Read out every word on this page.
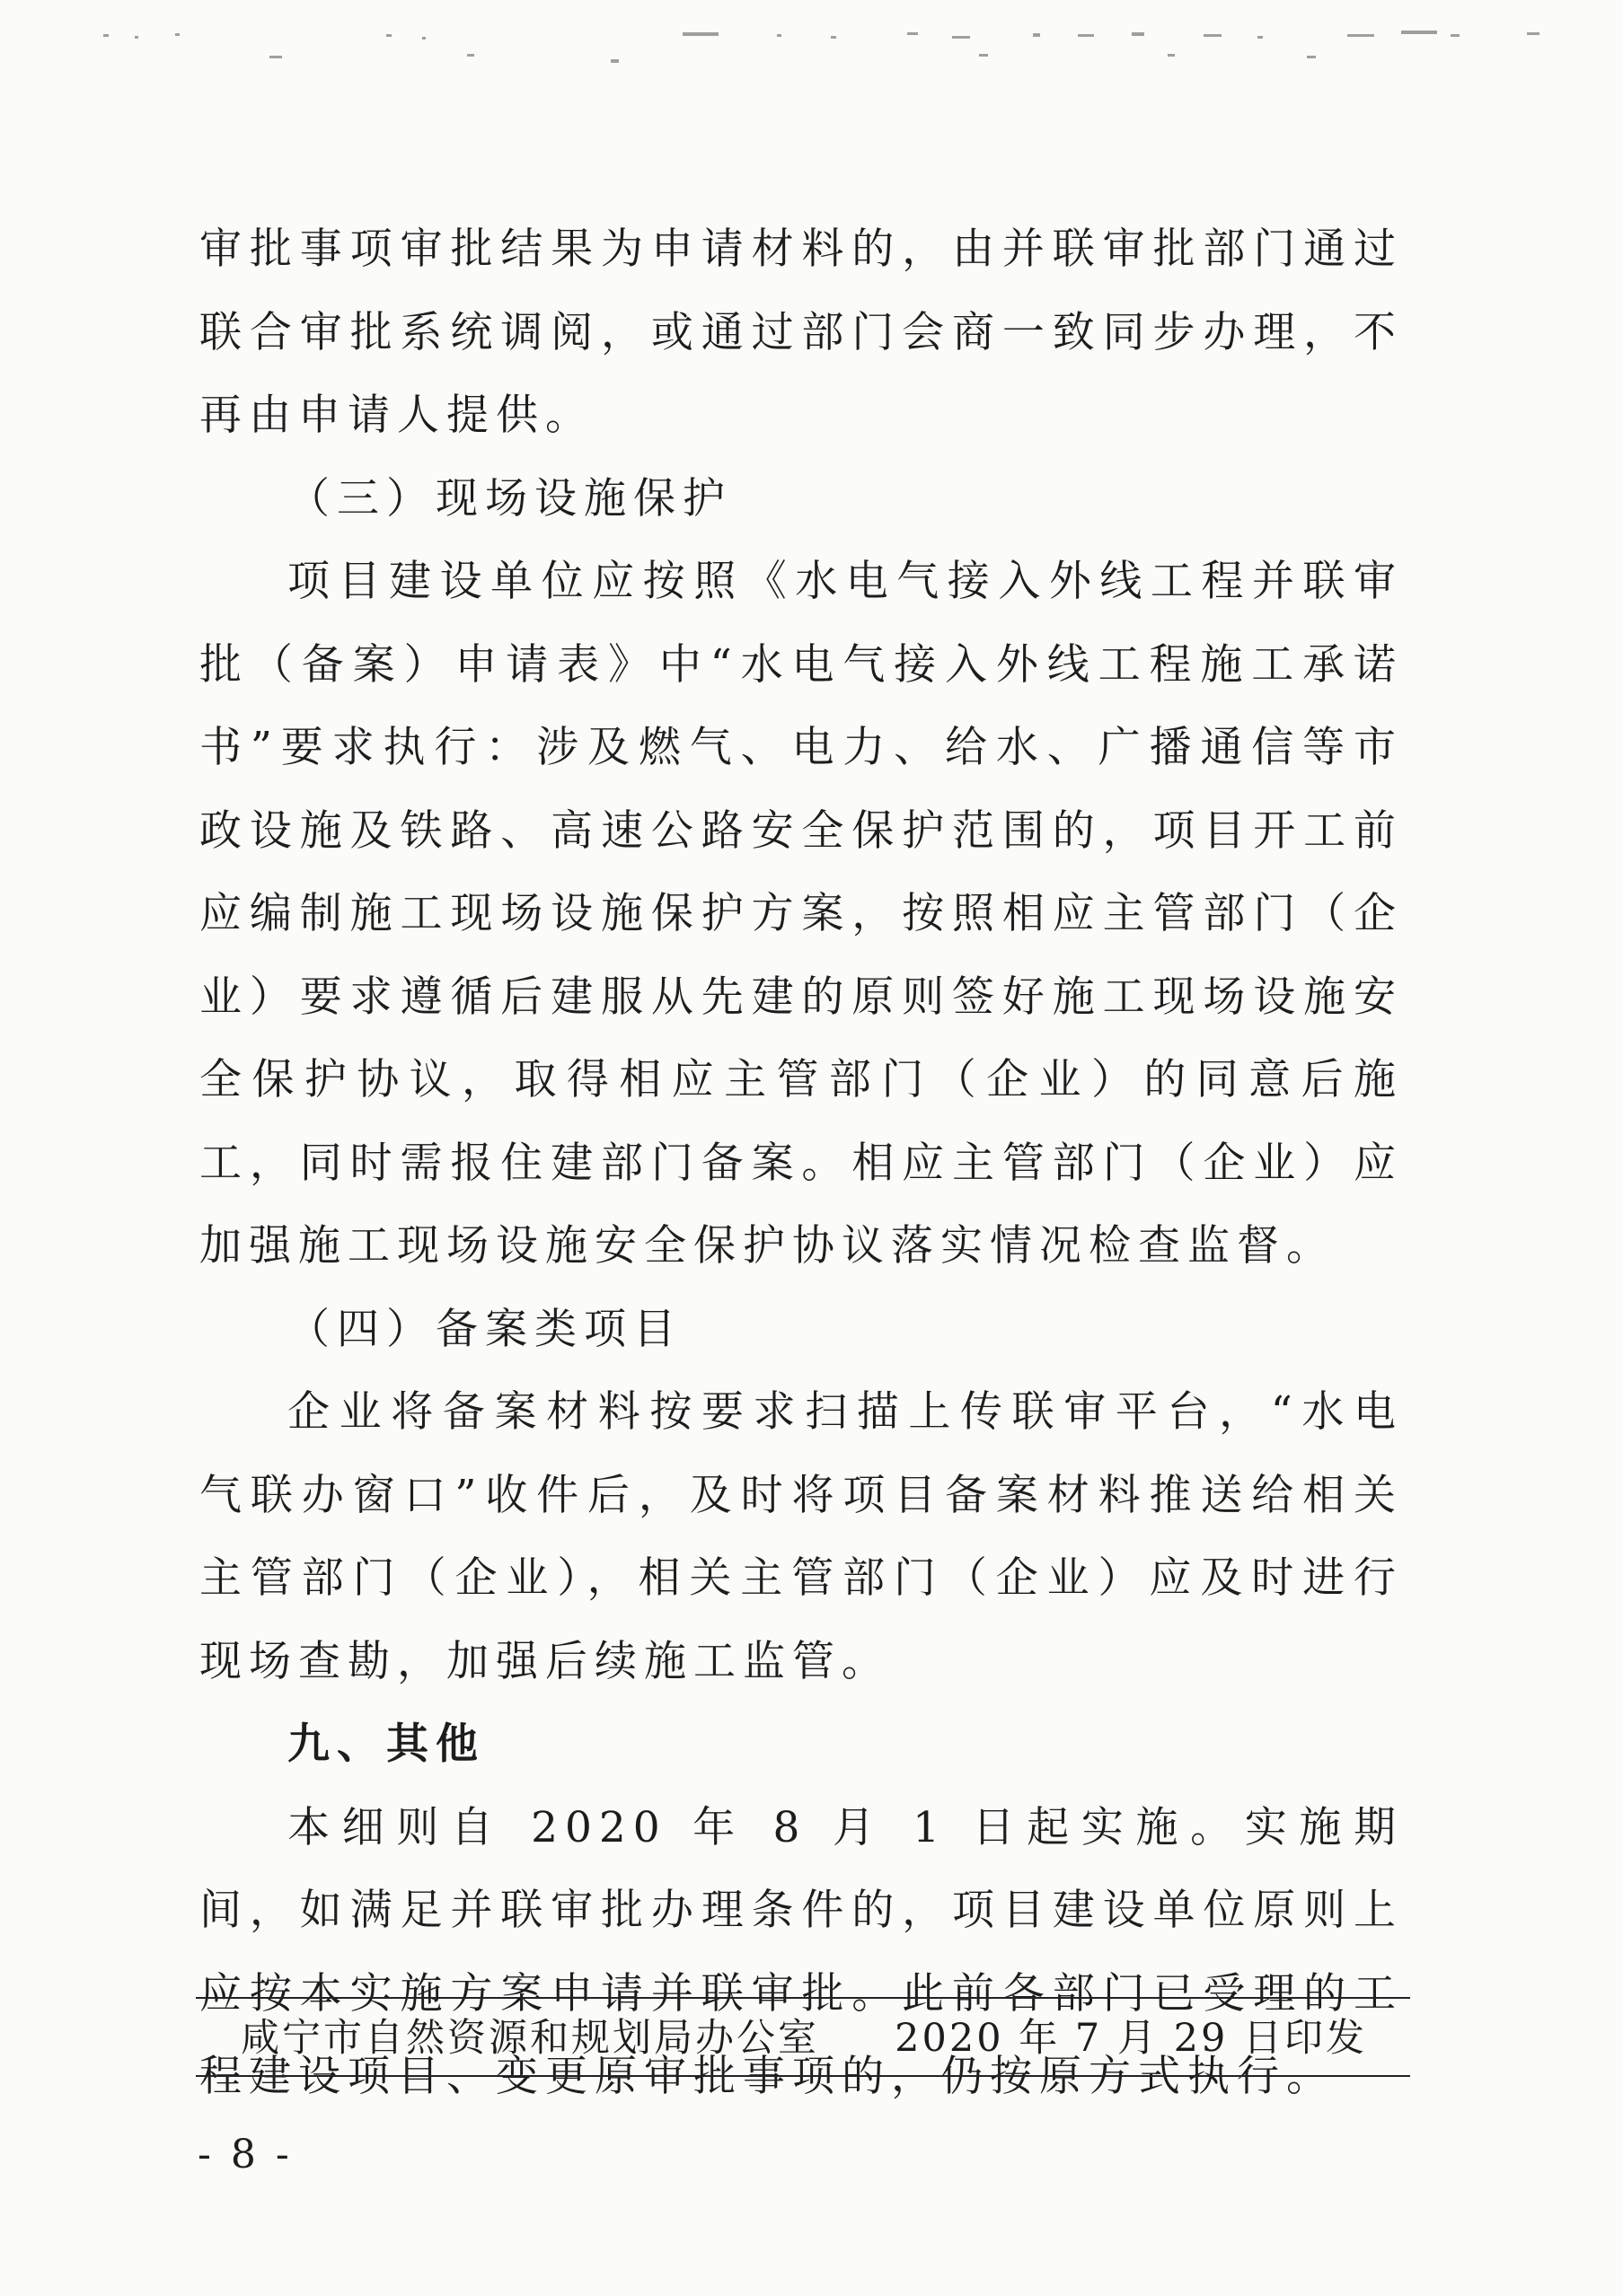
审批事项审批结果为申请材料的，由并联审批部门通过联合审批系统调阅，或通过部门会商一致同步办理，不再由申请人提供。

（三）现场设施保护

项目建设单位应按照《水电气接入外线工程并联审批（备案）申请表》中“水电气接入外线工程施工承诺书”要求执行：涉及燃气、电力、给水、广播通信等市政设施及铁路、高速公路安全保护范围的，项目开工前应编制施工现场设施保护方案，按照相应主管部门（企业）要求遵循后建服从先建的原则签好施工现场设施安全保护协议，取得相应主管部门（企业）的同意后施工，同时需报住建部门备案。相应主管部门（企业）应加强施工现场设施安全保护协议落实情况检查监督。

（四）备案类项目

企业将备案材料按要求扫描上传联审平台，“水电气联办窗口”收件后，及时将项目备案材料推送给相关主管部门（企业），相关主管部门（企业）应及时进行现场查勘，加强后续施工监管。

九、其他

本细则自 2020 年 8 月 1 日起实施。实施期间，如满足并联审批办理条件的，项目建设单位原则上应按本实施方案申请并联审批。此前各部门已受理的工程建设项目、变更原审批事项的，仍按原方式执行。

咸宁市自然资源和规划局办公室 2020 年 7 月 29 日印发
- 8 -
